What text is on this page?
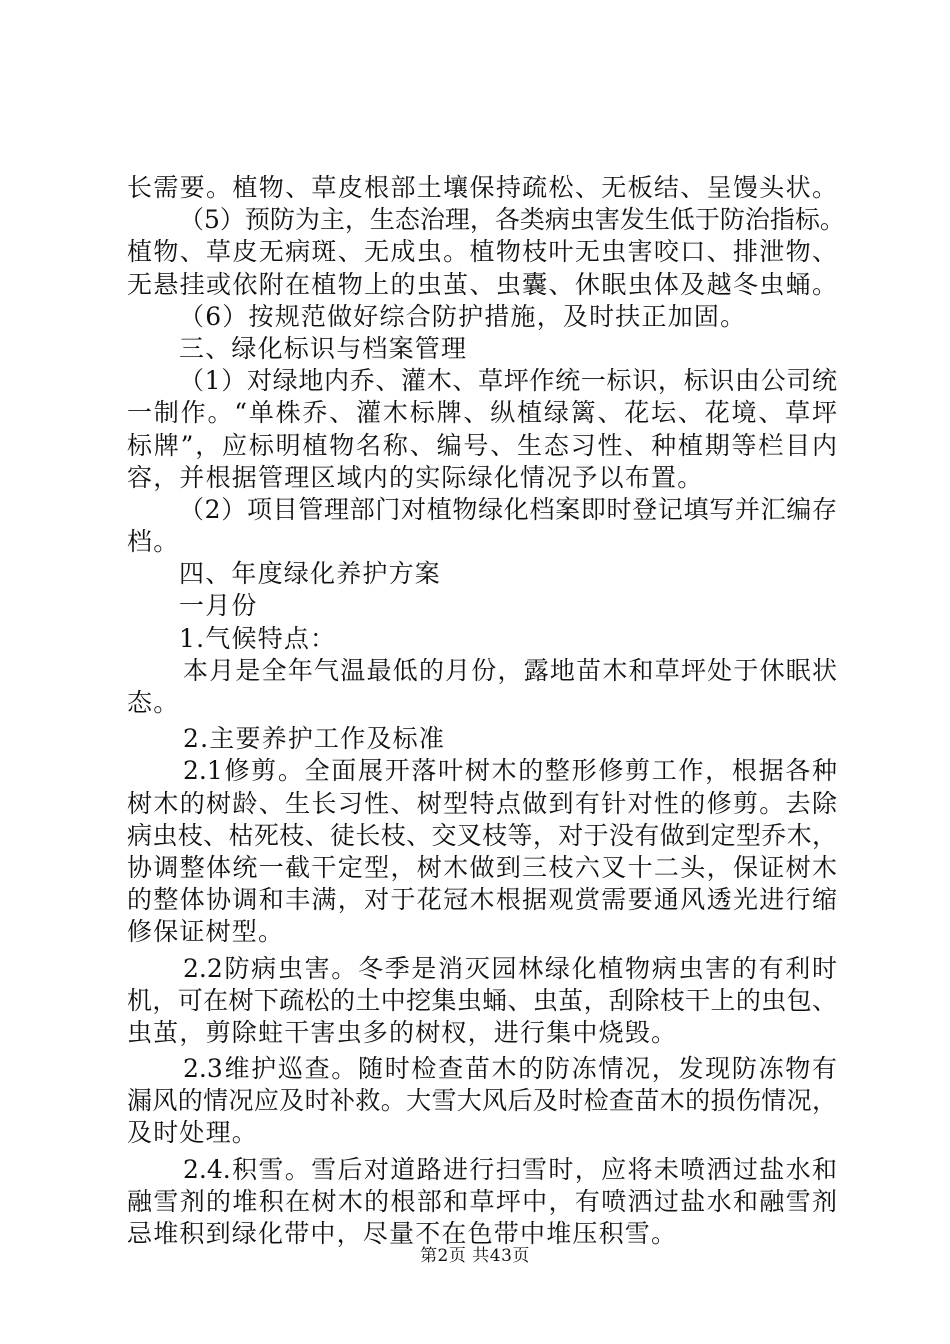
长需要。植物、草皮根部土壤保持疏松、无板结、呈馒头状。
（5）预防为主，生态治理，各类病虫害发生低于防治指标。
植物、草皮无病斑、无成虫。植物枝叶无虫害咬口、排泄物、
无悬挂或依附在植物上的虫茧、虫囊、休眠虫体及越冬虫蛹。
（6）按规范做好综合防护措施，及时扶正加固。
三、绿化标识与档案管理
（1）对绿地内乔、灌木、草坪作统一标识，标识由公司统
一制作。“单株乔、灌木标牌、纵植绿篱、花坛、花境、草坪
标牌”，应标明植物名称、编号、生态习性、种植期等栏目内
容，并根据管理区域内的实际绿化情况予以布置。
（2）项目管理部门对植物绿化档案即时登记填写并汇编存
档。
四、年度绿化养护方案
一月份
1.气候特点：
本月是全年气温最低的月份，露地苗木和草坪处于休眠状
态。
2.主要养护工作及标准
2.1修剪。全面展开落叶树木的整形修剪工作，根据各种
树木的树龄、生长习性、树型特点做到有针对性的修剪。去除
病虫枝、枯死枝、徒长枝、交叉枝等，对于没有做到定型乔木，
协调整体统一截干定型，树木做到三枝六叉十二头，保证树木
的整体协调和丰满，对于花冠木根据观赏需要通风透光进行缩
修保证树型。
2.2防病虫害。冬季是消灭园林绿化植物病虫害的有利时
机，可在树下疏松的土中挖集虫蛹、虫茧，刮除枝干上的虫包、
虫茧，剪除蛀干害虫多的树杈，进行集中烧毁。
2.3维护巡查。随时检查苗木的防冻情况，发现防冻物有
漏风的情况应及时补救。大雪大风后及时检查苗木的损伤情况，
及时处理。
2.4.积雪。雪后对道路进行扫雪时，应将未喷洒过盐水和
融雪剂的堆积在树木的根部和草坪中，有喷洒过盐水和融雪剂
忌堆积到绿化带中，尽量不在色带中堆压积雪。
第2页 共43页
